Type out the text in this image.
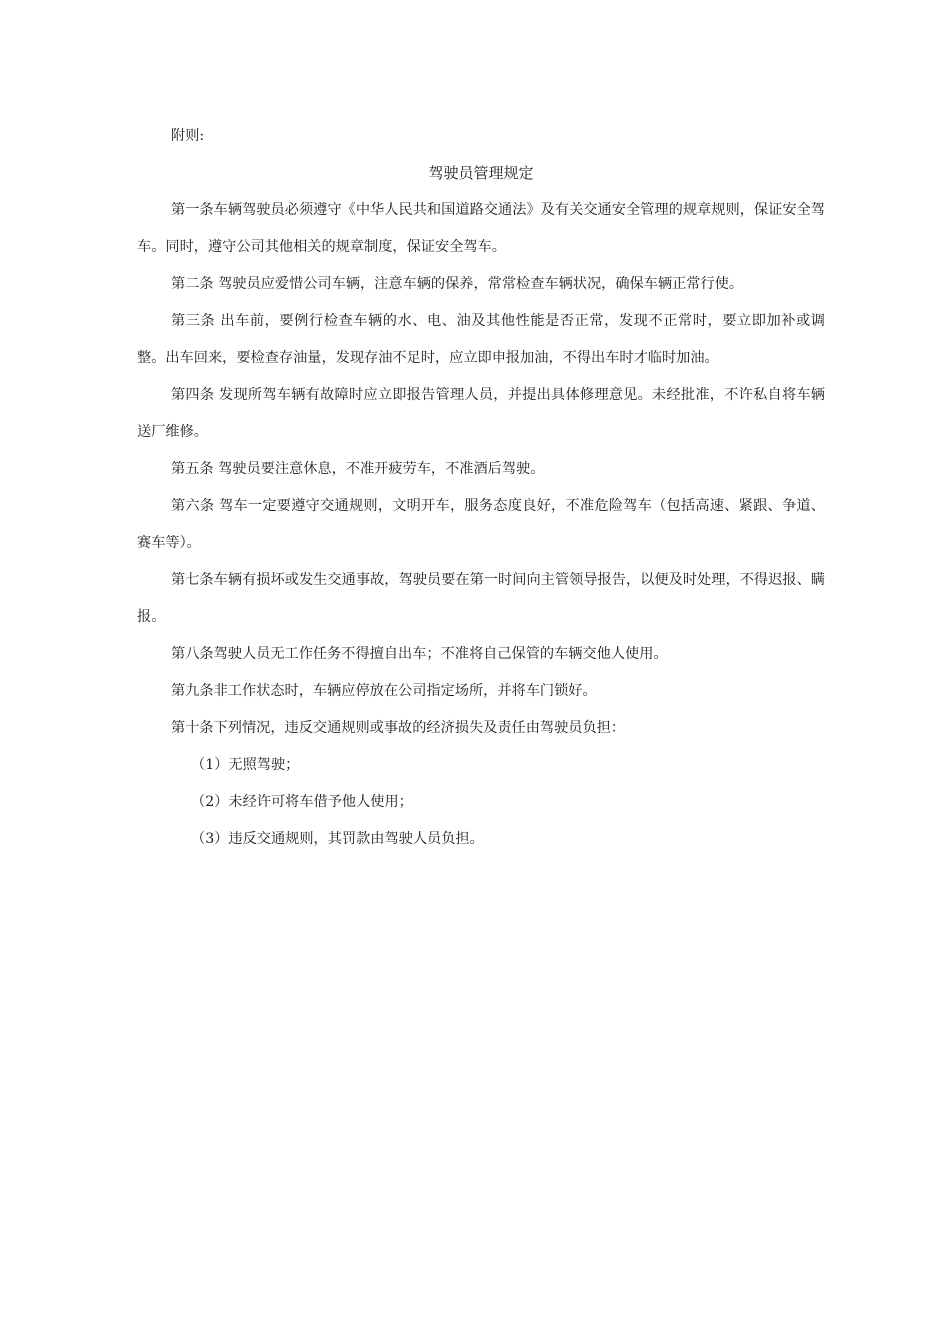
附则:

驾驶员管理规定

第一条车辆驾驶员必须遵守《中华人民共和国道路交通法》及有关交通安全管理的规章规则，保证安全驾车。同时，遵守公司其他相关的规章制度，保证安全驾车。

第二条 驾驶员应爱惜公司车辆，注意车辆的保养，常常检查车辆状况，确保车辆正常行使。

第三条 出车前，要例行检查车辆的水、电、油及其他性能是否正常，发现不正常时，要立即加补或调整。出车回来，要检查存油量，发现存油不足时，应立即申报加油，不得出车时才临时加油。

第四条 发现所驾车辆有故障时应立即报告管理人员，并提出具体修理意见。未经批准，不许私自将车辆送厂维修。

第五条 驾驶员要注意休息，不准开疲劳车，不准酒后驾驶。

第六条 驾车一定要遵守交通规则，文明开车，服务态度良好，不准危险驾车（包括高速、紧跟、争道、赛车等）。

第七条车辆有损坏或发生交通事故，驾驶员要在第一时间向主管领导报告，以便及时处理，不得迟报、瞒报。

第八条驾驶人员无工作任务不得擅自出车；不准将自己保管的车辆交他人使用。

第九条非工作状态时，车辆应停放在公司指定场所，并将车门锁好。

第十条下列情况，违反交通规则或事故的经济损失及责任由驾驶员负担：

（1）无照驾驶；

（2）未经许可将车借予他人使用；

（3）违反交通规则，其罚款由驾驶人员负担。
